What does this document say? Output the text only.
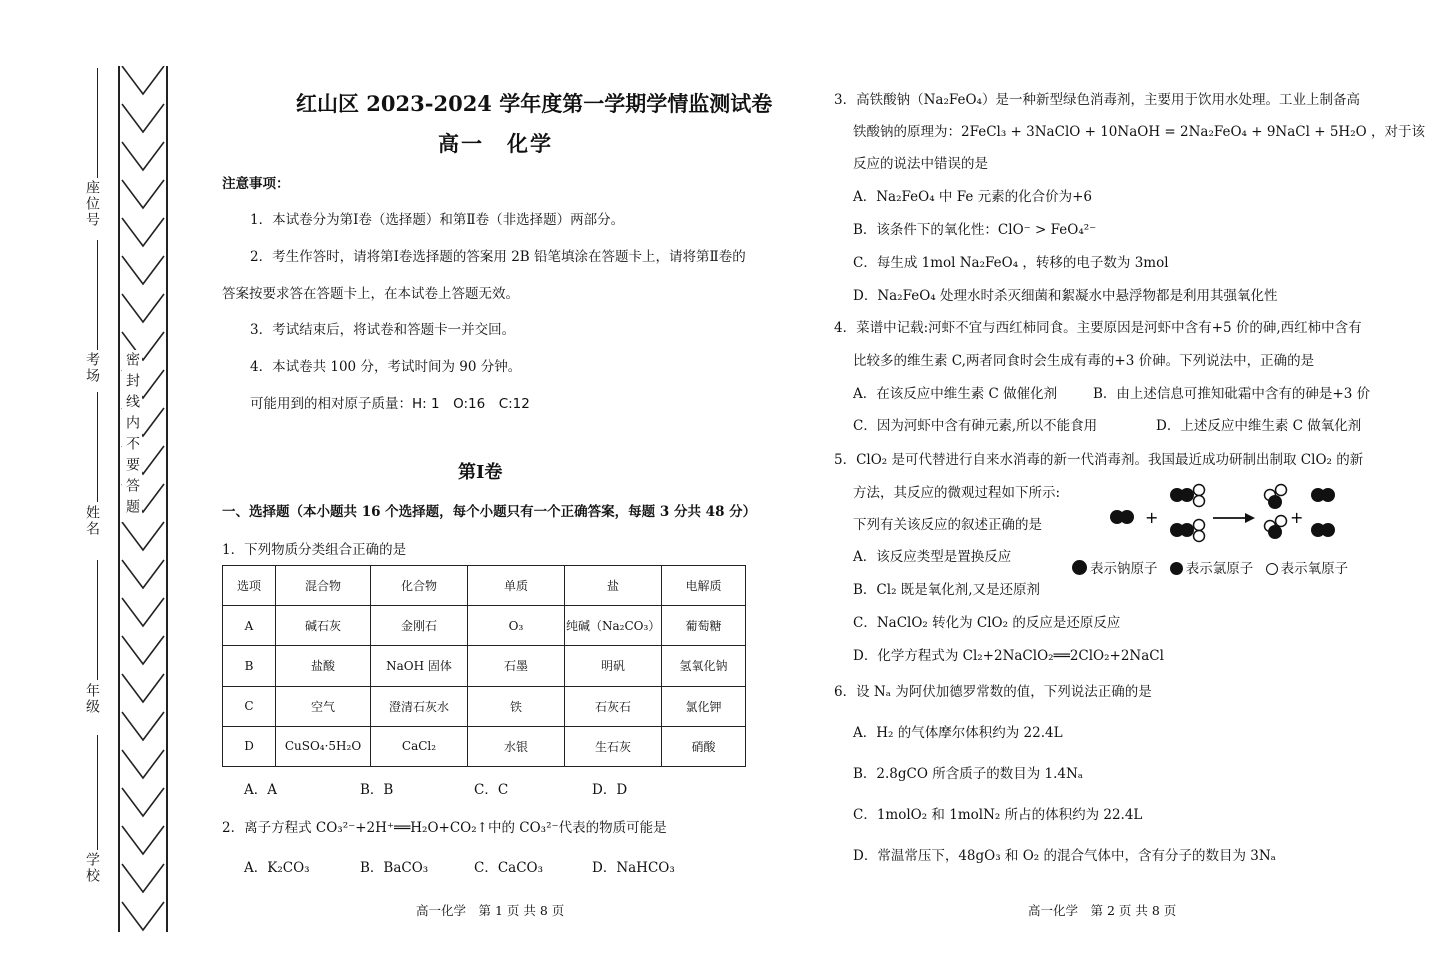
座位号
考场
姓名
年级
学校
密封线内不要答题
红山区 2023-2024 学年度第一学期学情监测试卷
高一　化学
注意事项：
1．本试卷分为第Ⅰ卷（选择题）和第Ⅱ卷（非选择题）两部分。
2．考生作答时，请将第Ⅰ卷选择题的答案用 2B 铅笔填涂在答题卡上，请将第Ⅱ卷的
答案按要求答在答题卡上，在本试卷上答题无效。
3．考试结束后，将试卷和答题卡一并交回。
4．本试卷共 100 分，考试时间为 90 分钟。
可能用到的相对原子质量：H: 1　O:16　C:12
第Ⅰ卷
一、选择题（本小题共 16 个选择题，每个小题只有一个正确答案，每题 3 分共 48 分）
1．下列物质分类组合正确的是
选项	混合物	化合物	单质	盐	电解质
A	碱石灰	金刚石	O₃	纯碱（Na₂CO₃）	葡萄糖
B	盐酸	NaOH 固体	石墨	明矾	氢氧化钠
C	空气	澄清石灰水	铁	石灰石	氯化钾
D	CuSO₄·5H₂O	CaCl₂	水银	生石灰	硝酸
A．A	B．B	C．C	D．D
2．离子方程式 CO₃²⁻+2H⁺══H₂O+CO₂↑中的 CO₃²⁻代表的物质可能是
A．K₂CO₃	B．BaCO₃	C．CaCO₃	D．NaHCO₃
高一化学　第 1 页 共 8 页
3．高铁酸钠（Na₂FeO₄）是一种新型绿色消毒剂，主要用于饮用水处理。工业上制备高
铁酸钠的原理为：2FeCl₃ + 3NaClO + 10NaOH = 2Na₂FeO₄ + 9NaCl + 5H₂O ，对于该
反应的说法中错误的是
A．Na₂FeO₄ 中 Fe 元素的化合价为+6
B．该条件下的氧化性：ClO⁻ > FeO₄²⁻
C．每生成 1mol Na₂FeO₄ ，转移的电子数为 3mol
D．Na₂FeO₄ 处理水时杀灭细菌和絮凝水中悬浮物都是利用其强氧化性
4．菜谱中记载:河虾不宜与西红柿同食。主要原因是河虾中含有+5 价的砷,西红柿中含有
比较多的维生素 C,两者同食时会生成有毒的+3 价砷。下列说法中，正确的是
A．在该反应中维生素 C 做催化剂	B．由上述信息可推知砒霜中含有的砷是+3 价
C．因为河虾中含有砷元素,所以不能食用	D．上述反应中维生素 C 做氧化剂
5．ClO₂ 是可代替进行自来水消毒的新一代消毒剂。我国最近成功研制出制取 ClO₂ 的新
方法，其反应的微观过程如下所示:
下列有关该反应的叙述正确的是	+	+
A．该反应类型是置换反应
表示钠原子 表示氯原子 表示氧原子
B．Cl₂ 既是氧化剂,又是还原剂
C．NaClO₂ 转化为 ClO₂ 的反应是还原反应
D．化学方程式为 Cl₂+2NaClO₂══2ClO₂+2NaCl
6．设 Nₐ 为阿伏加德罗常数的值，下列说法正确的是
A．H₂ 的气体摩尔体积约为 22.4L
B．2.8gCO 所含质子的数目为 1.4Nₐ
C．1molO₂ 和 1molN₂ 所占的体积约为 22.4L
D．常温常压下，48gO₃ 和 O₂ 的混合气体中，含有分子的数目为 3Nₐ
高一化学　第 2 页 共 8 页
